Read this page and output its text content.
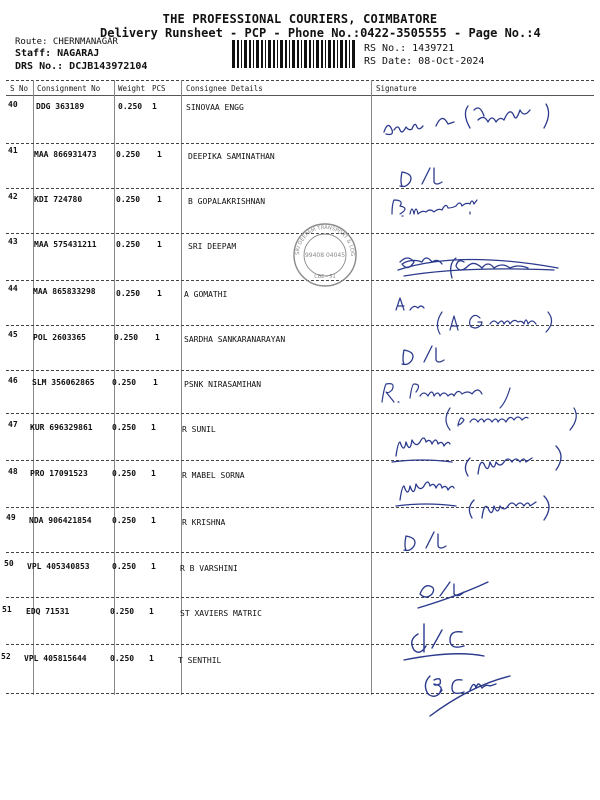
THE PROFESSIONAL COURIERS, COIMBATORE
Delivery Runsheet - PCP - Phone No.:0422-3505555 - Page No.:4
Route: CHERNMANAGAR
Staff: NAGARAJ
DRS No.: DCJB143972104
RS No.: 1439721
RS Date: 08-Oct-2024
S No Consignment No Weight PCS	Consignee Details	Signature
40 DDG 363189	0.250 1	SINOVAA ENGG
41 MAA 866931473 0.250 1	DEEPIKA SAMINATHAN
42 KDI 724780	0.250 1	B GOPALAKRISHNAN
43 MAA 575431211 0.250 1	SRI DEEPAM
44 MAA 865833298	0.250 1	A GOMATHI
45 POL 2603365	0.250 1	SARDHA SANKARANARAYAN
46 SLM 356062865 0.250 1	PSNK NIRASAMIHAN
47 KUR 696329861 0.250 1	R SUNIL
48 PRO 17091523	0.250 1	R MABEL SORNA
49 NDA 906421854	0.250 1	R KRISHNA
50 VPL 405340853	0.250 1	R B VARSHINI
51 EDQ 71531	0.250 1	ST XAVIERS MATRIC
52 VPL 405815644	0.250 1	T SENTHIL
SRI DEEPAM TRANSPORT & LOG
99408 04045
CBE - 51
